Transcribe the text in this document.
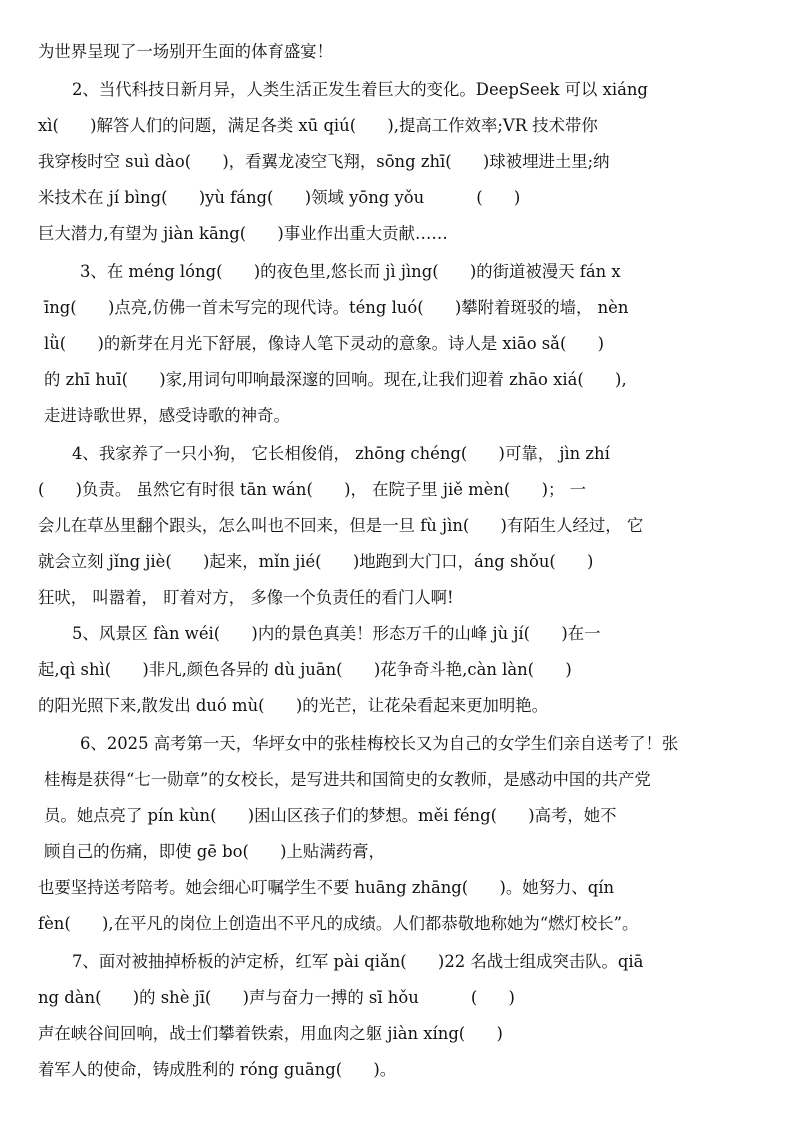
为世界呈现了一场别开生面的体育盛宴！
2、当代科技日新月异，人类生活正发生着巨大的变化。DeepSeek 可以 xiáng
xì(      )解答人们的问题，满足各类 xū qiú(      ),提高工作效率;VR 技术带你
我穿梭时空 suì dào(      )，看翼龙凌空飞翔，sōng zhī(      )球被埋进土里;纳
米技术在 jí bìng(      )yù fáng(      )领域 yōng yǒu          (      )
巨大潜力,有望为 jiàn kāng(      )事业作出重大贡献……
3、在 méng lóng(      )的夜色里,悠长而 jì jìng(      )的街道被漫天 fán x
īng(      )点亮,仿佛一首未写完的现代诗。téng luó(      )攀附着斑驳的墙， nèn
lǜ(      )的新芽在月光下舒展，像诗人笔下灵动的意象。诗人是 xiāo sǎ(      )
的 zhī huī(      )家,用词句叩响最深邃的回响。现在,让我们迎着 zhāo xiá(      ),
走进诗歌世界，感受诗歌的神奇。
4、我家养了一只小狗， 它长相俊俏， zhōng chéng(      )可靠， jìn zhí
(      )负责。 虽然它有时很 tān wán(      )， 在院子里 jiě mèn(      )； 一
会儿在草丛里翻个跟头，怎么叫也不回来，但是一旦 fù jìn(      )有陌生人经过， 它
就会立刻 jǐng jiè(      )起来，mǐn jié(      )地跑到大门口，áng shǒu(      )
狂吠， 叫嚣着， 盯着对方， 多像一个负责任的看门人啊!
5、风景区 fàn wéi(      )内的景色真美！形态万千的山峰 jù jí(      )在一
起,qì shì(      )非凡,颜色各异的 dù juān(      )花争奇斗艳,càn làn(      )
的阳光照下来,散发出 duó mù(      )的光芒，让花朵看起来更加明艳。
6、2025 高考第一天，华坪女中的张桂梅校长又为自己的女学生们亲自送考了！张
桂梅是获得“七一勋章”的女校长，是写进共和国简史的女教师，是感动中国的共产党
员。她点亮了 pín kùn(      )困山区孩子们的梦想。měi féng(      )高考，她不
顾自己的伤痛，即使 gē bo(      )上贴满药膏，
也要坚持送考陪考。她会细心叮嘱学生不要 huāng zhāng(      )。她努力、qín
fèn(      ),在平凡的岗位上创造出不平凡的成绩。人们都恭敬地称她为“燃灯校长”。
7、面对被抽掉桥板的泸定桥，红军 pài qiǎn(      )22 名战士组成突击队。qiā
ng dàn(      )的 shè jī(      )声与奋力一搏的 sī hǒu          (      )
声在峡谷间回响，战士们攀着铁索，用血肉之躯 jiàn xíng(      )
着军人的使命，铸成胜利的 róng guāng(      )。
